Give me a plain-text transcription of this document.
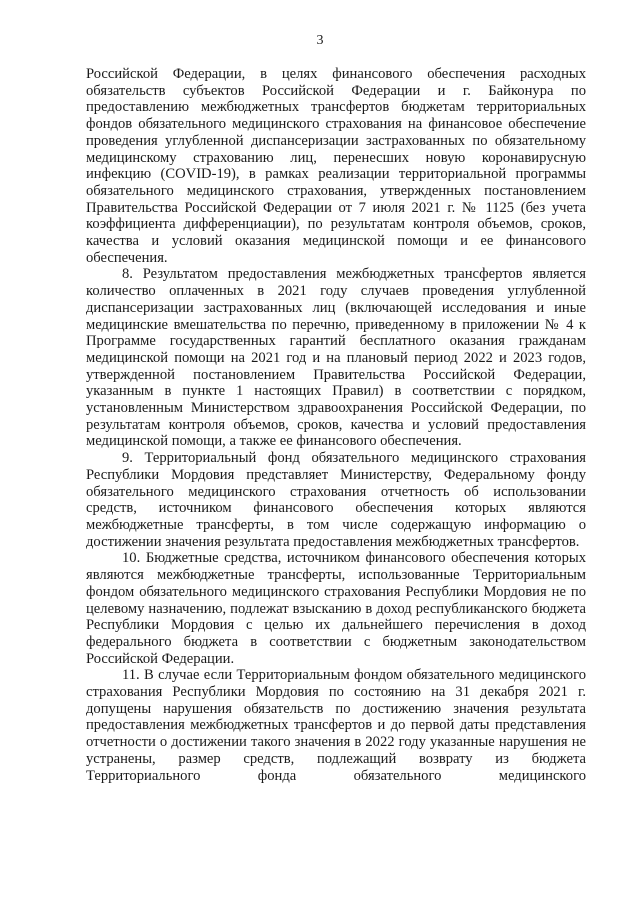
3

Российской Федерации, в целях финансового обеспечения расходных обязательств субъектов Российской Федерации и г. Байконура по предоставлению межбюджетных трансфертов бюджетам территориальных фондов обязательного медицинского страхования на финансовое обеспечение проведения углубленной диспансеризации застрахованных по обязательному медицинскому страхованию лиц, перенесших новую коронавирусную инфекцию (COVID-19), в рамках реализации территориальной программы обязательного медицинского страхования, утвержденных постановлением Правительства Российской Федерации от 7 июля 2021 г. № 1125 (без учета коэффициента дифференциации), по результатам контроля объемов, сроков, качества и условий оказания медицинской помощи и ее финансового обеспечения.

8. Результатом предоставления межбюджетных трансфертов является количество оплаченных в 2021 году случаев проведения углубленной диспансеризации застрахованных лиц (включающей исследования и иные медицинские вмешательства по перечню, приведенному в приложении № 4 к Программе государственных гарантий бесплатного оказания гражданам медицинской помощи на 2021 год и на плановый период 2022 и 2023 годов, утвержденной постановлением Правительства Российской Федерации, указанным в пункте 1 настоящих Правил) в соответствии с порядком, установленным Министерством здравоохранения Российской Федерации, по результатам контроля объемов, сроков, качества и условий предоставления медицинской помощи, а также ее финансового обеспечения.

9. Территориальный фонд обязательного медицинского страхования Республики Мордовия представляет Министерству, Федеральному фонду обязательного медицинского страхования отчетность об использовании средств, источником финансового обеспечения которых являются межбюджетные трансферты, в том числе содержащую информацию о достижении значения результата предоставления межбюджетных трансфертов.

10. Бюджетные средства, источником финансового обеспечения которых являются межбюджетные трансферты, использованные Территориальным фондом обязательного медицинского страхования Республики Мордовия не по целевому назначению, подлежат взысканию в доход республиканского бюджета Республики Мордовия с целью их дальнейшего перечисления в доход федерального бюджета в соответствии с бюджетным законодательством Российской Федерации.

11. В случае если Территориальным фондом обязательного медицинского страхования Республики Мордовия по состоянию на 31 декабря 2021 г. допущены нарушения обязательств по достижению значения результата предоставления межбюджетных трансфертов и до первой даты представления отчетности о достижении такого значения в 2022 году указанные нарушения не устранены, размер средств, подлежащий возврату из бюджета Территориального фонда обязательного медицинского
